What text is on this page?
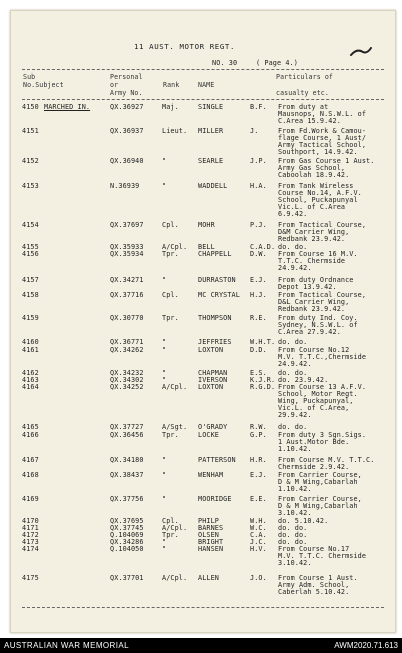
11 AUST. MOTOR REGT.
NO. 30	( Page 4.)
Sub
No.Subject
Personal
or
Army No.
Rank	NAME
Particulars of
casualty etc.
4150 MARCHED IN.	QX.36927	Maj.	SINGLE	B.F. From duty at
Mausnops, N.S.W.L. of
C.Area 15.9.42.
4151	QX.36937	Lieut. MILLER	J.	From Fd.Work & Camou-
flage Course, 1 Aust/
Army Tactical School,
Southport, 14.9.42.
4152	QX.36940	"	SEARLE	J.P. From Gas Course 1 Aust.
Army Gas School,
Caboolah 18.9.42.
4153	N.36939	"	WADDELL	H.A. From Tank Wireless
Course No.14, A.F.V.
School, Puckapunyal
Vic.L. of C.Area
6.9.42.
4154	QX.37697	Cpl.	MOHR	P.J. From Tactical Course,
D&M Carrier Wing,
Redbank 23.9.42.
4155	QX.35933	A/Cpl. BELL	C.A.D. do. do.
4156	QX.35934	Tpr.	CHAPPELL	D.W. From Course 16 M.V.
T.T.C. Chermside
24.9.42.
4157	QX.34271	"	DURRASTON E.J. From duty Ordnance
Depot 13.9.42.
4158	QX.37716	Cpl.	MC CRYSTAL H.J. From Tactical Course,
D&L Carrier Wing,
Redbank 23.9.42.
4159	QX.30770	Tpr.	THOMPSON	R.E. From duty Ind. Coy.
Sydney, N.S.W.L. of
C.Area 27.9.42.
4160	QX.36771	"	JEFFRIES	W.H.T. do. do.
4161	QX.34262	"	LOXTON	D.D. From Course No.12
M.V. T.T.C.,Chermside
24.9.42.
4162	QX.34232	"	CHAPMAN	E.S. do. do.
4163	QX.34302	"	IVERSON	K.J.R. do. 23.9.42.
4164	QX.34252	A/Cpl. LOXTON	R.G.D. From Course 13 A.F.V.
School, Motor Regt.
Wing, Puckapunyal,
Vic.L. of C.Area,
29.9.42.
4165	QX.37727	A/Sgt. O'GRADY	R.W. do. do.
4166	QX.36456	Tpr.	LOCKE	G.P. From duty 3 Sgn.Sigs.
1 Aust.Motor Bde.
1.10.42.
4167	QX.34180	"	PATTERSON H.R. From Course M.V. T.T.C.
Chermside 2.9.42.
4168	QX.38437	"	WENHAM	E.J. From Carrier Course,
D & M Wing,Cabarlah
1.10.42.
4169	QX.37756	"	MOORIDGE	E.E. From Carrier Course,
D & M Wing,Cabarlah
3.10.42.
4170	QX.37695	Cpl.	PHILP	W.H. do. 5.10.42.
4171	QX.37745	A/Cpl. BARNES	W.C. do. do.
4172	Q.104069	Tpr.	OLSEN	C.A. do. do.
4173	QX.34286	"	BRIGHT	J.C. do. do.
4174	Q.104050	"	HANSEN	H.V. From Course No.17
M.V. T.T.C. Chermside
3.10.42.
4175	QX.37701	A/Cpl. ALLEN	J.O. From Course 1 Aust.
Army Adm. School,
Caberlah 5.10.42.
AUSTRALIAN WAR MEMORIAL	AWM2020.71.613
